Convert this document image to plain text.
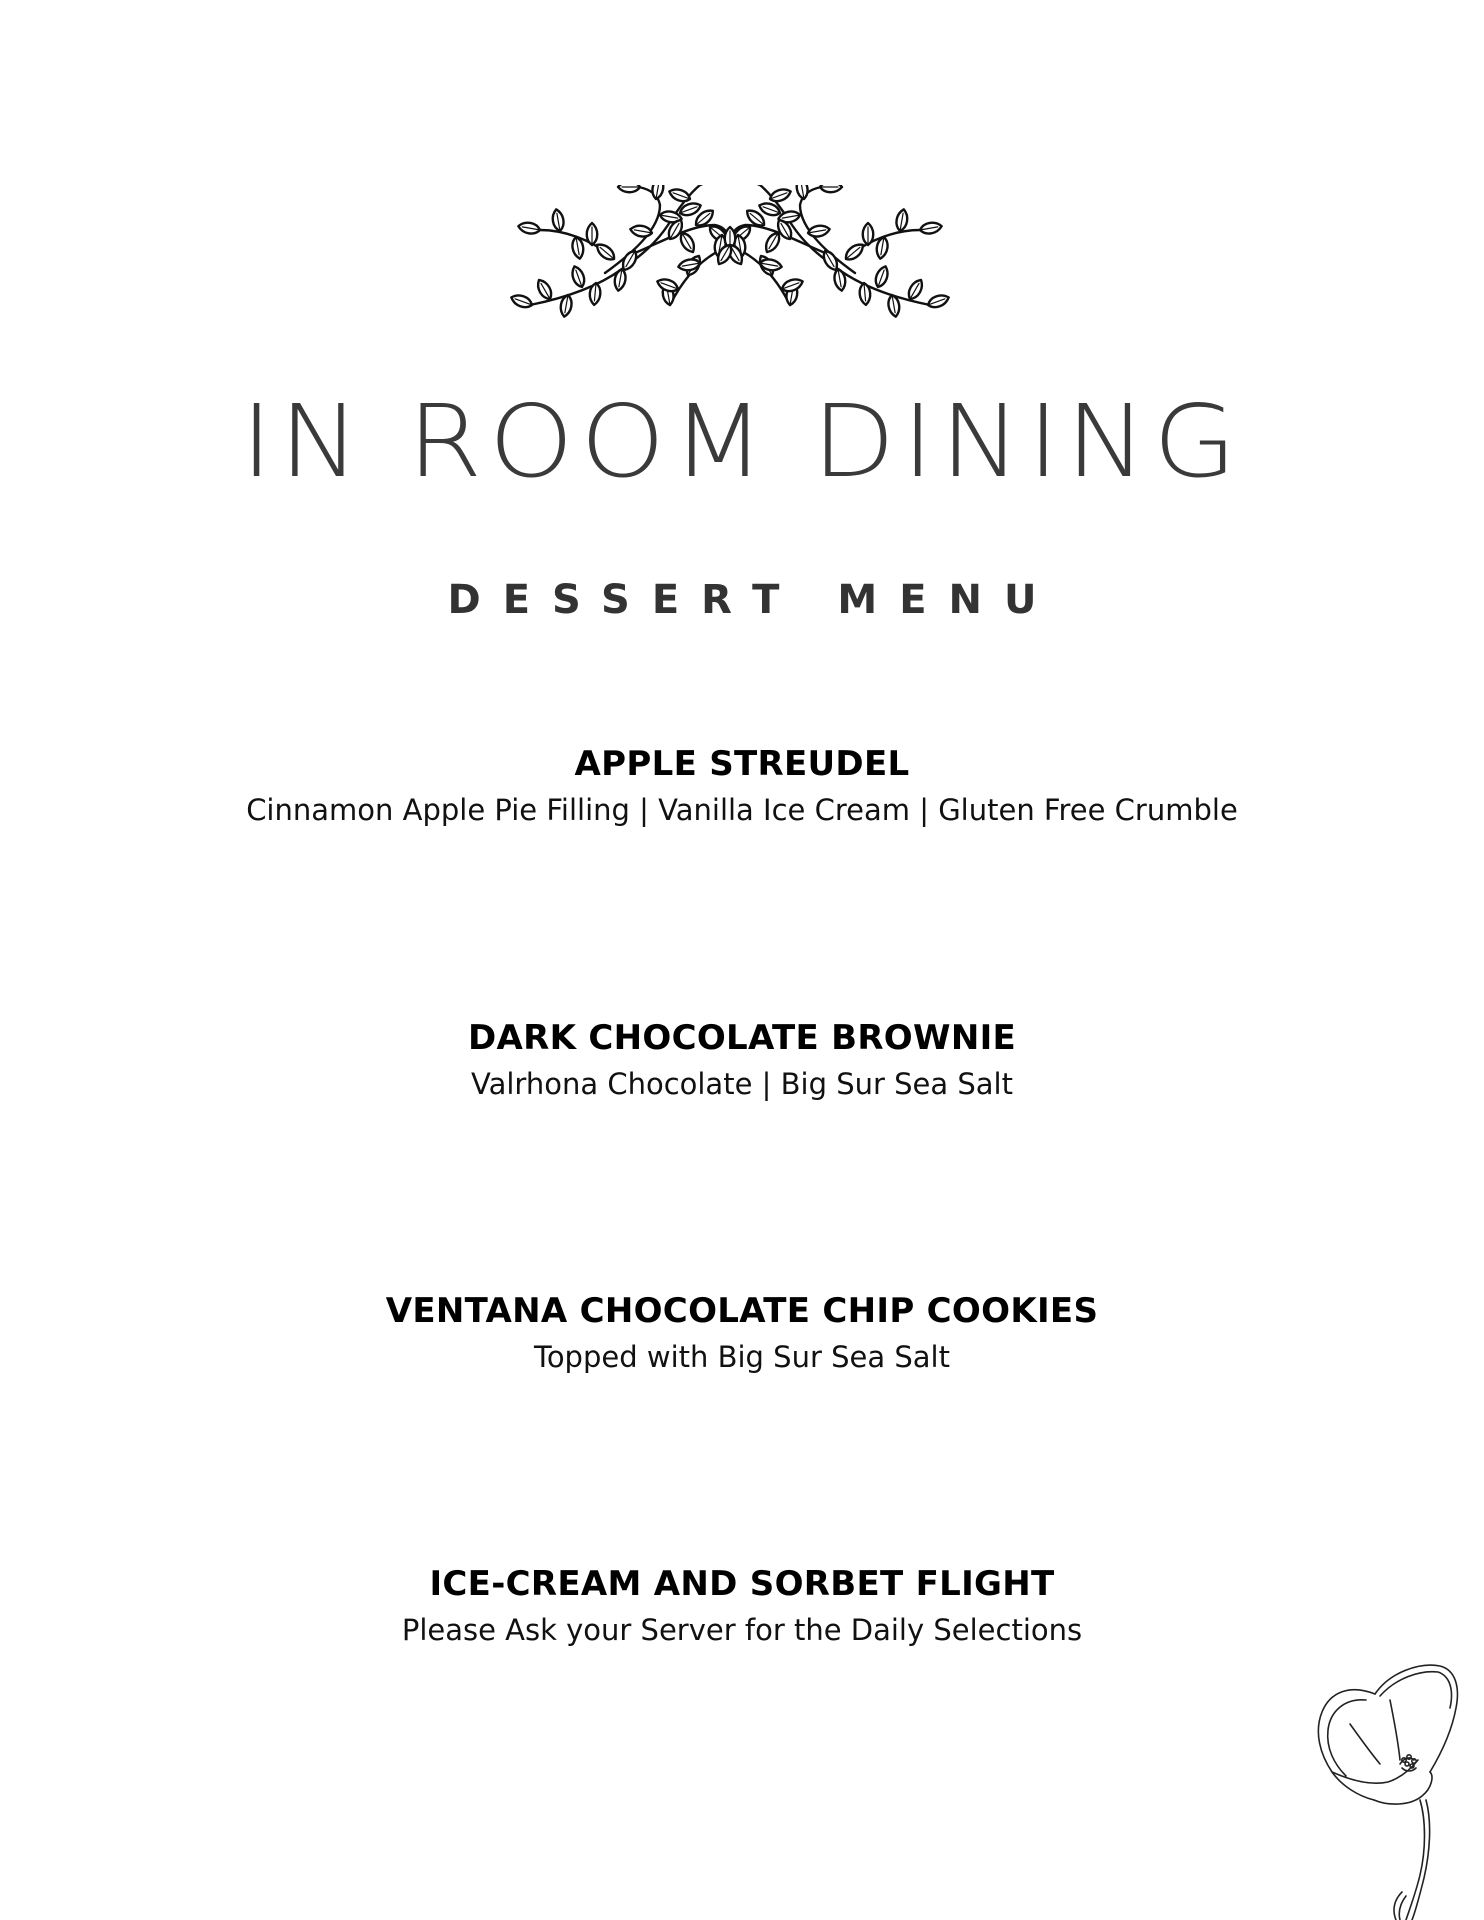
IN ROOM DINING
DESSERT MENU
APPLE STREUDEL
Cinnamon Apple Pie Filling | Vanilla Ice Cream | Gluten Free Crumble
DARK CHOCOLATE BROWNIE
Valrhona Chocolate | Big Sur Sea Salt
VENTANA CHOCOLATE CHIP COOKIES
Topped with Big Sur Sea Salt
ICE-CREAM AND SORBET FLIGHT
Please Ask your Server for the Daily Selections
